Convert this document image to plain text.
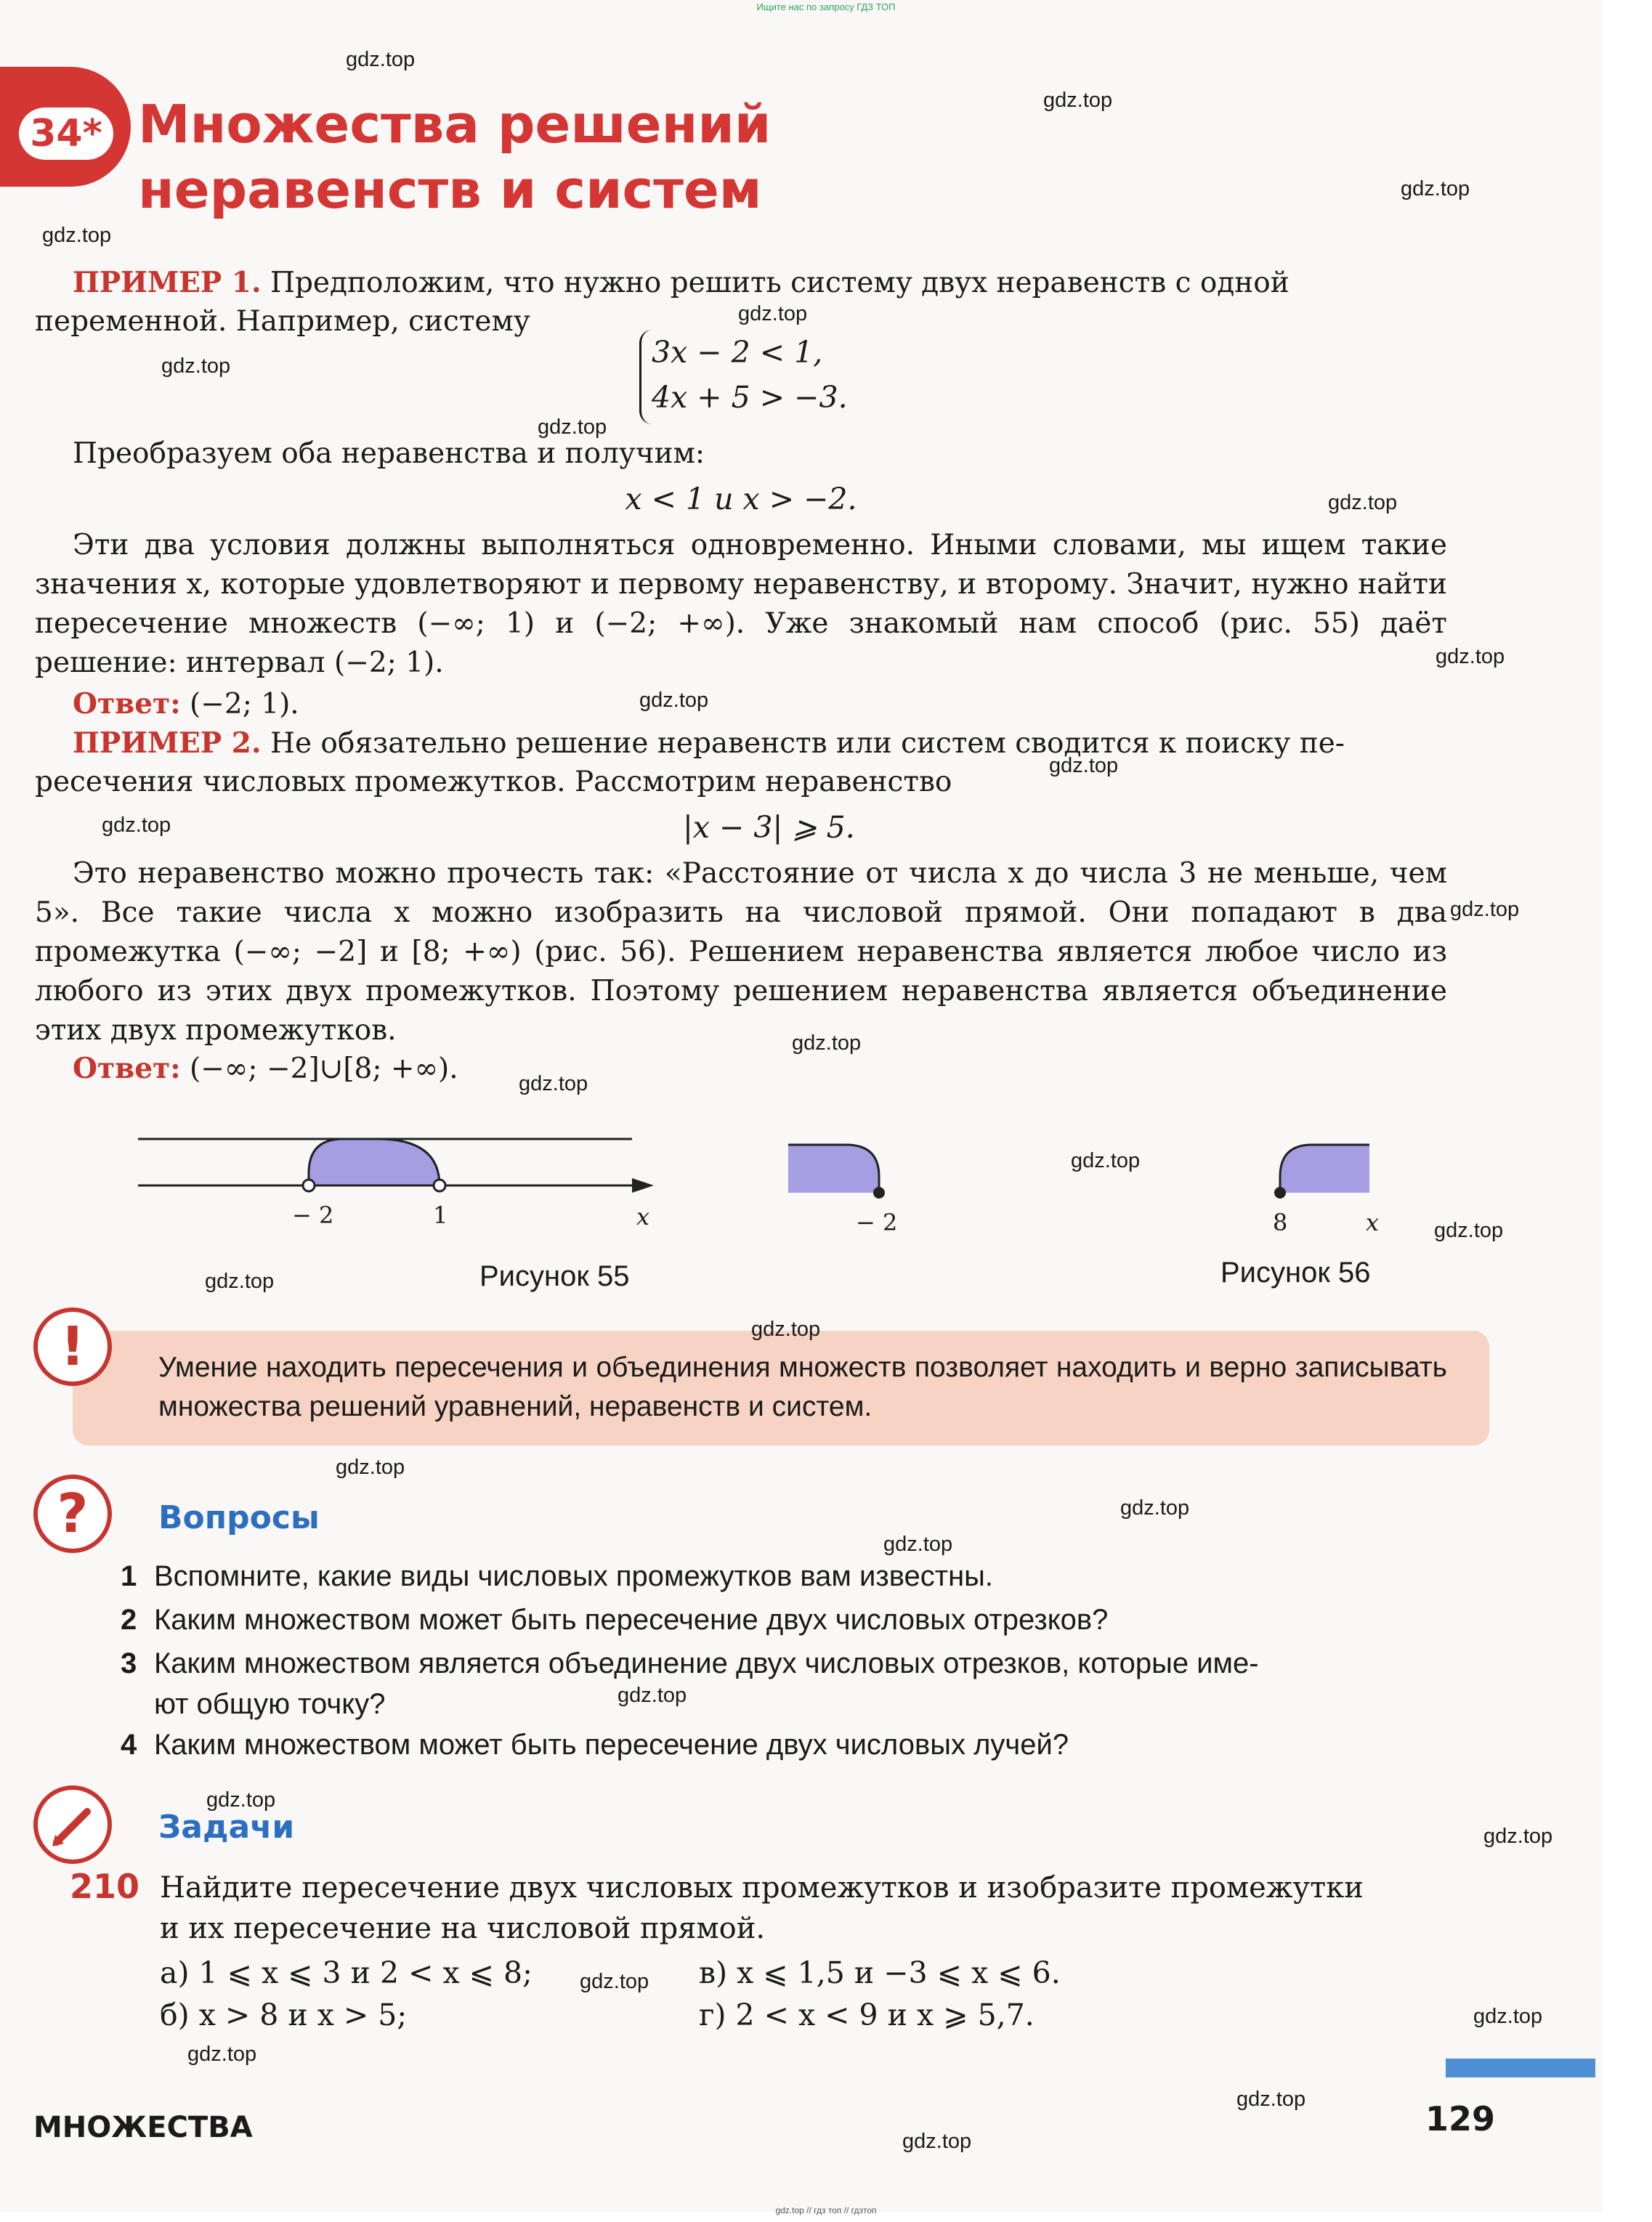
Ищите нас по запросу ГДЗ ТОП
34* Множества решений
неравенств и систем
ПРИМЕР 1. Предположим, что нужно решить систему двух неравенств с одной
переменной. Например, систему
3x − 2 < 1,
4x + 5 > −3.
Преобразуем оба неравенства и получим:
x < 1 и x > −2.
Эти два условия должны выполняться одновременно. Иными словами, мы ищем такие значения x, которые удовлетворяют и первому неравенству, и второму. Значит, нужно найти пересечение множеств (−∞; 1) и (−2; +∞). Уже знакомый нам способ (рис. 55) даёт решение: интервал (−2; 1).
Ответ: (−2; 1).
ПРИМЕР 2. Не обязательно решение неравенств или систем сводится к поиску пе-
ресечения числовых промежутков. Рассмотрим неравенство
|x − 3| ⩾ 5.
Это неравенство можно прочесть так: «Расстояние от числа x до числа 3 не меньше, чем 5». Все такие числа x можно изобразить на числовой прямой. Они попадают в два промежутка (−∞; −2] и [8; +∞) (рис. 56). Решением неравенства является любое число из любого из этих двух промежутков. Поэтому решением неравенства является объединение этих двух промежутков.
Ответ: (−∞; −2]∪[8; +∞).
− 2	1	x
Рисунок 55
− 2	8	x
Рисунок 56
!	Умение находить пересечения и объединения множеств позволяет находить и верно записывать множества решений уравнений, неравенств и систем.
?	Вопросы
1 Вспомните, какие виды числовых промежутков вам известны.
2 Каким множеством может быть пересечение двух числовых отрезков?
3 Каким множеством является объединение двух числовых отрезков, которые име-
ют общую точку?
4 Каким множеством может быть пересечение двух числовых лучей?
Задачи
210 Найдите пересечение двух числовых промежутков и изобразите промежутки
и их пересечение на числовой прямой.
а) 1 ⩽ x ⩽ 3 и 2 < x ⩽ 8;	в) x ⩽ 1,5 и −3 ⩽ x ⩽ 6.
б) x > 8 и x > 5;	г) 2 < x < 9 и x ⩾ 5,7.
МНОЖЕСТВА	129
gdz.top // гдз топ // гдзтоп
gdz.top
gdz.top
gdz.top
gdz.top
gdz.top
gdz.top
gdz.top
gdz.top
gdz.top
gdz.top
gdz.top
gdz.top
gdz.top
gdz.top
gdz.top
gdz.top
gdz.top
gdz.top
gdz.top
gdz.top
gdz.top
gdz.top
gdz.top
gdz.top
gdz.top
gdz.top
gdz.top
gdz.top
gdz.top
gdz.top
